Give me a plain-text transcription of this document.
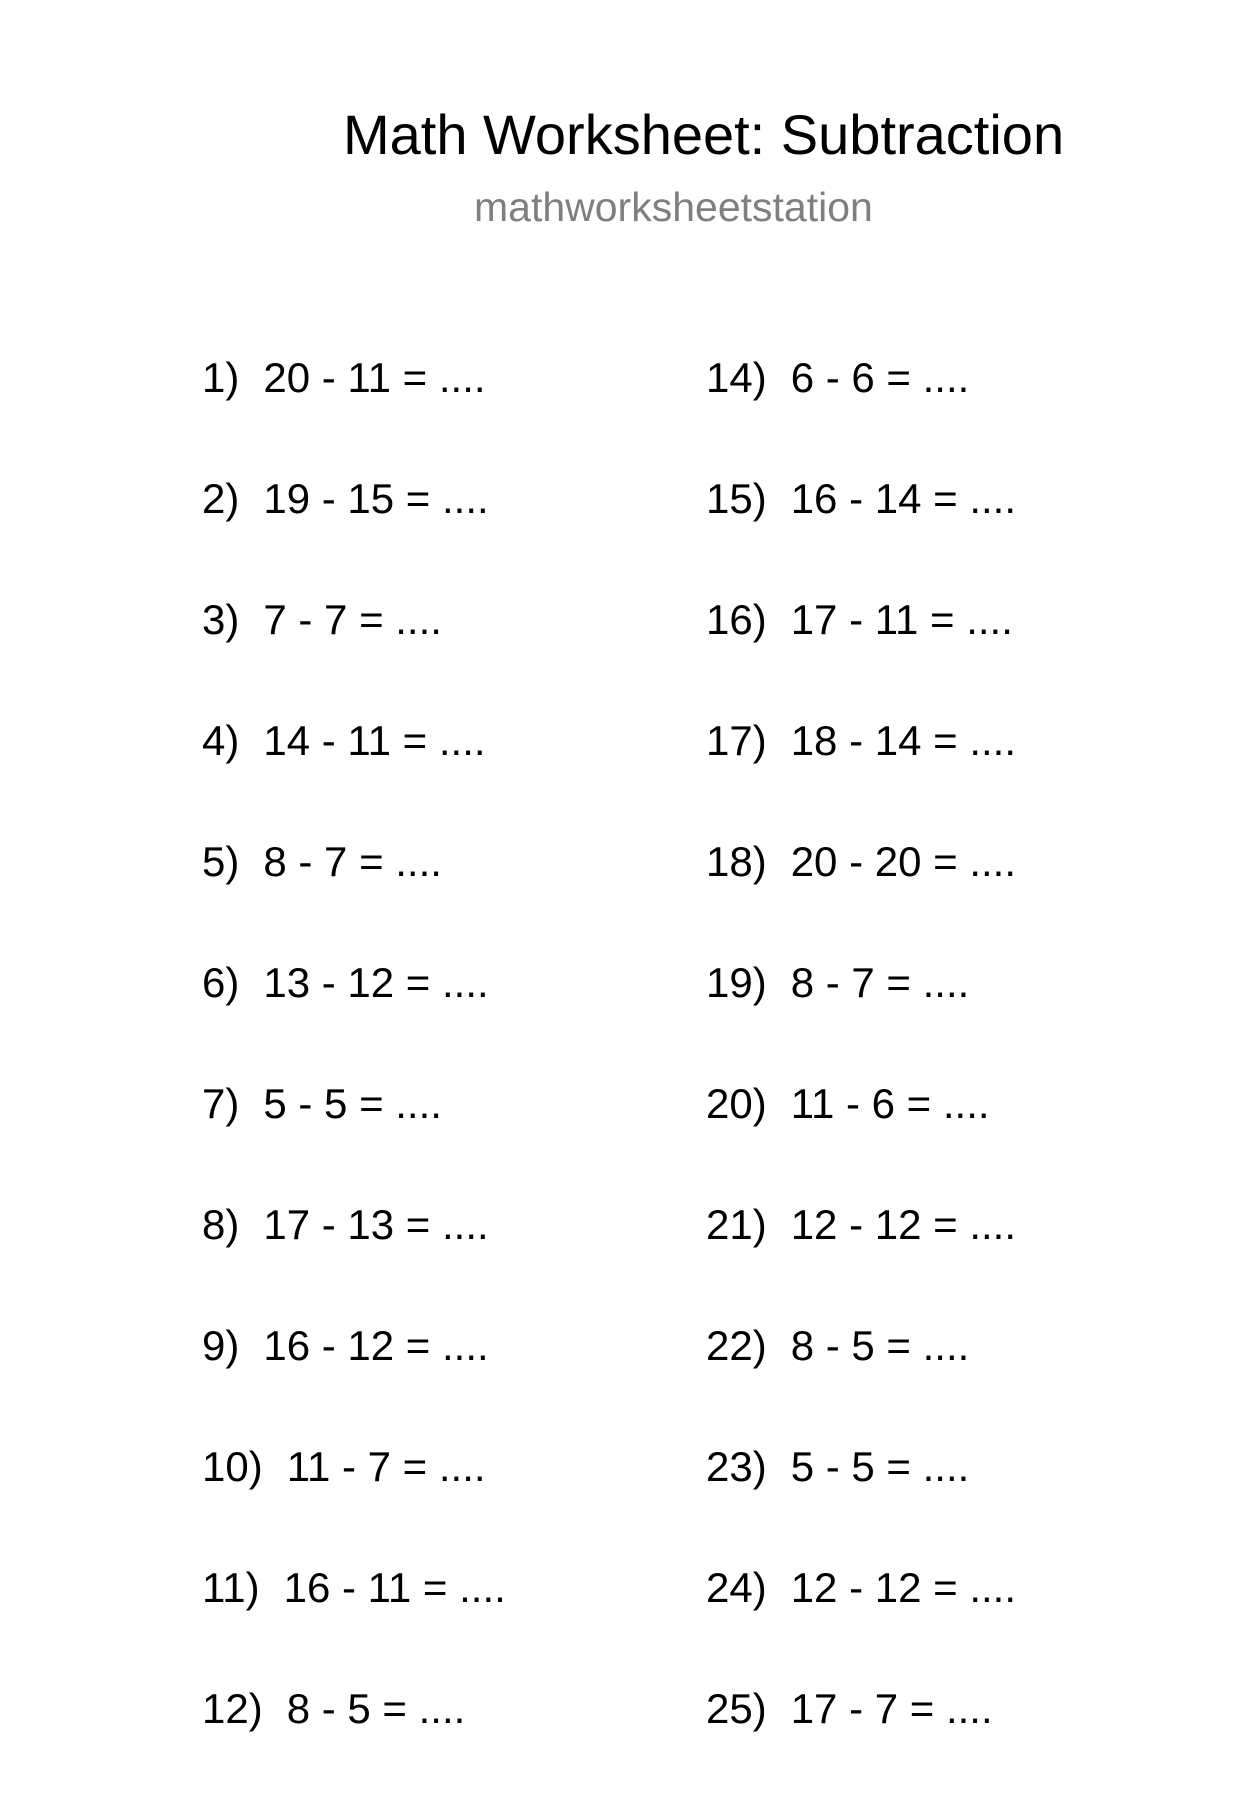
Math Worksheet: Subtraction
mathworksheetstation
1) 20 - 11 = ....
2) 19 - 15 = ....
3) 7 - 7 = ....
4) 14 - 11 = ....
5) 8 - 7 = ....
6) 13 - 12 = ....
7) 5 - 5 = ....
8) 17 - 13 = ....
9) 16 - 12 = ....
10) 11 - 7 = ....
11) 16 - 11 = ....
12) 8 - 5 = ....
14) 6 - 6 = ....
15) 16 - 14 = ....
16) 17 - 11 = ....
17) 18 - 14 = ....
18) 20 - 20 = ....
19) 8 - 7 = ....
20) 11 - 6 = ....
21) 12 - 12 = ....
22) 8 - 5 = ....
23) 5 - 5 = ....
24) 12 - 12 = ....
25) 17 - 7 = ....
